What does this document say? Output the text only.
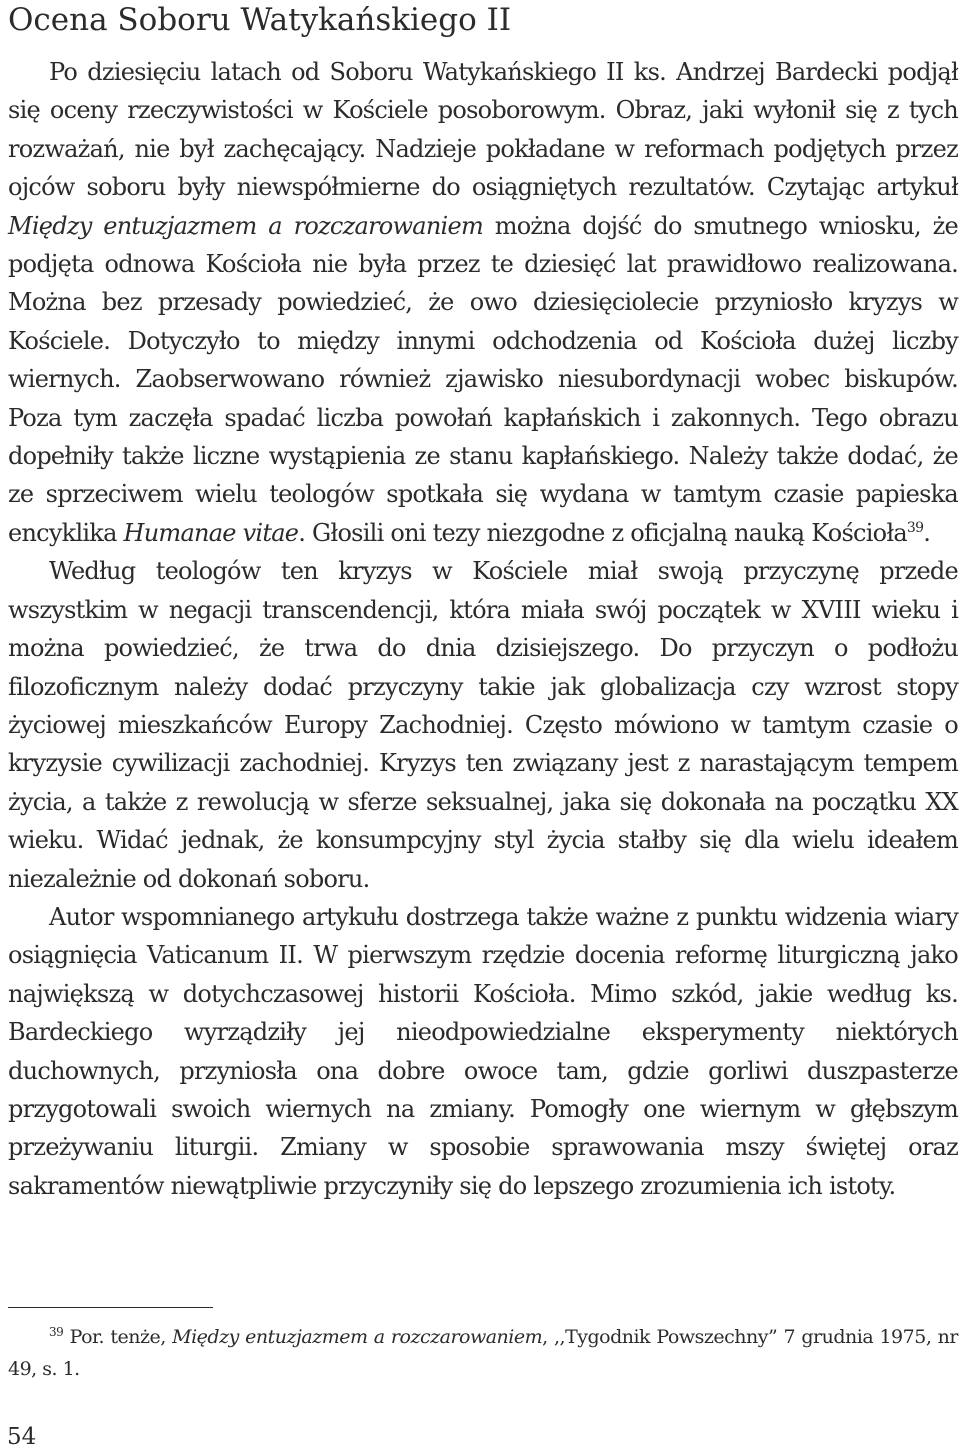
Ocena Soboru Watykańskiego II

Po dziesięciu latach od Soboru Watykańskiego II ks. Andrzej Bardecki podjął się oceny rzeczywistości w Kościele posoborowym. Obraz, jaki wyłonił się z tych rozważań, nie był zachęcający. Nadzieje pokładane w reformach podjętych przez ojców soboru były niewspółmierne do osiągniętych rezultatów. Czytając artykuł Między entuzjazmem a rozczarowaniem można dojść do smutnego wniosku, że podjęta odnowa Kościoła nie była przez te dziesięć lat prawidłowo realizowana. Można bez przesady powiedzieć, że owo dziesięciolecie przyniosło kryzys w Kościele. Dotyczyło to między innymi odchodzenia od Kościoła dużej liczby wiernych. Zaobserwowano również zjawisko niesubordynacji wobec biskupów. Poza tym zaczęła spadać liczba powołań kapłańskich i zakonnych. Tego obrazu dopełniły także liczne wystąpienia ze stanu kapłańskiego. Należy także dodać, że ze sprzeciwem wielu teologów spotkała się wydana w tamtym czasie papieska encyklika Humanae vitae. Głosili oni tezy niezgodne z oficjalną nauką Kościoła$^{39}$.

Według teologów ten kryzys w Kościele miał swoją przyczynę przede wszystkim w negacji transcendencji, która miała swój początek w XVIII wieku i można powiedzieć, że trwa do dnia dzisiejszego. Do przyczyn o podłożu filozoficznym należy dodać przyczyny takie jak globalizacja czy wzrost stopy życiowej mieszkańców Europy Zachodniej. Często mówiono w tamtym czasie o kryzysie cywilizacji zachodniej. Kryzys ten związany jest z narastającym tempem życia, a także z rewolucją w sferze seksualnej, jaka się dokonała na początku XX wieku. Widać jednak, że konsumpcyjny styl życia stałby się dla wielu ideałem niezależnie od dokonań soboru.

Autor wspomnianego artykułu dostrzega także ważne z punktu widzenia wiary osiągnięcia Vaticanum II. W pierwszym rzędzie docenia reformę liturgiczną jako największą w dotychczasowej historii Kościoła. Mimo szkód, jakie według ks. Bardeckiego wyrządziły jej nieodpowiedzialne eksperymenty niektórych duchownych, przyniosła ona dobre owoce tam, gdzie gorliwi duszpasterze przygotowali swoich wiernych na zmiany. Pomogły one wiernym w głębszym przeżywaniu liturgii. Zmiany w sposobie sprawowania mszy świętej oraz sakramentów niewątpliwie przyczyniły się do lepszego zrozumienia ich istoty.

$^{39}$ Por. tenże, Między entuzjazmem a rozczarowaniem, ,,Tygodnik Powszechny” 7 grudnia 1975, nr 49, s. 1.

54
